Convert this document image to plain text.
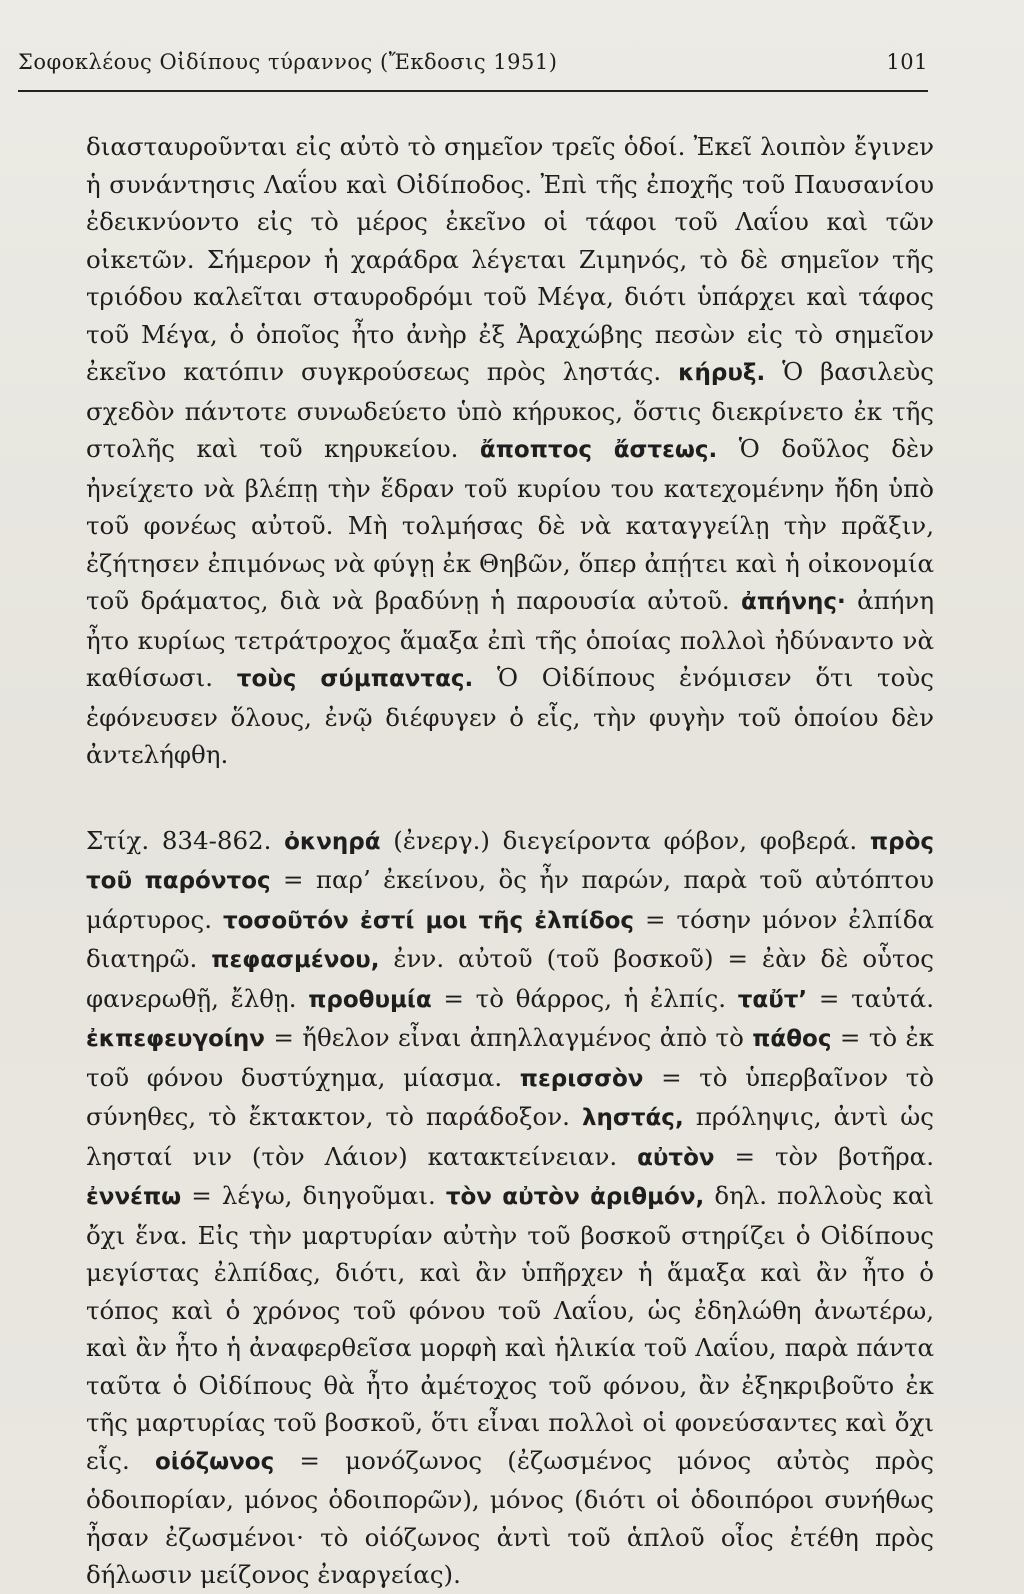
Σοφοκλέους Οἰδίπους τύραννος (Ἔκδοσις 1951)	101

διασταυροῦνται εἰς αὐτὸ τὸ σημεῖον τρεῖς ὁδοί. Ἐκεῖ λοιπὸν ἔγινεν ἡ συνάντησις Λαΐου καὶ Οἰδίποδος. Ἐπὶ τῆς ἐποχῆς τοῦ Παυσανίου ἐδεικνύοντο εἰς τὸ μέρος ἐκεῖνο οἱ τάφοι τοῦ Λαΐου καὶ τῶν οἰκετῶν. Σήμερον ἡ χαράδρα λέγεται Ζιμηνός, τὸ δὲ σημεῖον τῆς τριόδου καλεῖται σταυροδρόμι τοῦ Μέγα, διότι ὑπάρχει καὶ τάφος τοῦ Μέγα, ὁ ὁποῖος ἦτο ἀνὴρ ἐξ Ἀραχώβης πεσὼν εἰς τὸ σημεῖον ἐκεῖνο κατόπιν συγκρούσεως πρὸς ληστάς. κήρυξ. Ὁ βασιλεὺς σχεδὸν πάντοτε συνωδεύετο ὑπὸ κήρυκος, ὅστις διεκρίνετο ἐκ τῆς στολῆς καὶ τοῦ κηρυκείου. ἄποπτος ἄστεως. Ὁ δοῦλος δὲν ἠνείχετο νὰ βλέπῃ τὴν ἕδραν τοῦ κυρίου του κατεχομένην ἤδη ὑπὸ τοῦ φονέως αὐτοῦ. Μὴ τολμήσας δὲ νὰ καταγγείλῃ τὴν πρᾶξιν, ἐζήτησεν ἐπιμόνως νὰ φύγῃ ἐκ Θηβῶν, ὅπερ ἀπῄτει καὶ ἡ οἰκονομία τοῦ δράματος, διὰ νὰ βραδύνῃ ἡ παρουσία αὐτοῦ. ἀπήνης· ἀπήνη ἦτο κυρίως τετράτροχος ἅμαξα ἐπὶ τῆς ὁποίας πολλοὶ ἠδύναντο νὰ καθίσωσι. τοὺς σύμπαντας. Ὁ Οἰδίπους ἐνόμισεν ὅτι τοὺς ἐφόνευσεν ὅλους, ἐνῷ διέφυγεν ὁ εἷς, τὴν φυγὴν τοῦ ὁποίου δὲν ἀντελήφθη.

Στίχ. 834-862. ὀκνηρά (ἐνεργ.) διεγείροντα φόβον, φοβερά. πρὸς τοῦ παρόντος = παρ’ ἐκείνου, ὃς ἦν παρών, παρὰ τοῦ αὐτόπτου μάρτυρος. τοσοῦτόν ἐστί μοι τῆς ἐλπίδος = τόσην μόνον ἐλπίδα διατηρῶ. πεφασμένου, ἐνν. αὐτοῦ (τοῦ βοσκοῦ) = ἐὰν δὲ οὗτος φανερωθῇ, ἔλθῃ. προθυμία = τὸ θάρρος, ἡ ἐλπίς. ταὔτ’ = ταὐτά. ἐκπεφευγοίην = ἤθελον εἶναι ἀπηλλαγμένος ἀπὸ τὸ πάθος = τὸ ἐκ τοῦ φόνου δυστύχημα, μίασμα. περισσὸν = τὸ ὑπερβαῖνον τὸ σύνηθες, τὸ ἔκτακτον, τὸ παράδοξον. ληστάς, πρόληψις, ἀντὶ ὡς λησταί νιν (τὸν Λάιον) κατακτείνειαν. αὐτὸν = τὸν βοτῆρα. ἐννέπω = λέγω, διηγοῦμαι. τὸν αὐτὸν ἀριθμόν, δηλ. πολλοὺς καὶ ὄχι ἕνα. Εἰς τὴν μαρτυρίαν αὐτὴν τοῦ βοσκοῦ στηρίζει ὁ Οἰδίπους μεγίστας ἐλπίδας, διότι, καὶ ἂν ὑπῆρχεν ἡ ἅμαξα καὶ ἂν ἦτο ὁ τόπος καὶ ὁ χρόνος τοῦ φόνου τοῦ Λαΐου, ὡς ἐδηλώθη ἀνωτέρω, καὶ ἂν ἦτο ἡ ἀναφερθεῖσα μορφὴ καὶ ἡλικία τοῦ Λαΐου, παρὰ πάντα ταῦτα ὁ Οἰδίπους θὰ ἦτο ἀμέτοχος τοῦ φόνου, ἂν ἐξηκριβοῦτο ἐκ τῆς μαρτυρίας τοῦ βοσκοῦ, ὅτι εἶναι πολλοὶ οἱ φονεύσαντες καὶ ὄχι εἷς. οἰόζωνος = μονόζωνος (ἐζωσμένος μόνος αὐτὸς πρὸς ὁδοιπορίαν, μόνος ὁδοιπορῶν), μόνος (διότι οἱ ὁδοιπόροι συνήθως ἦσαν ἐζωσμένοι· τὸ οἰόζωνος ἀντὶ τοῦ ἁπλοῦ οἶος ἐτέθη πρὸς δήλωσιν μείζονος ἐναργείας).
